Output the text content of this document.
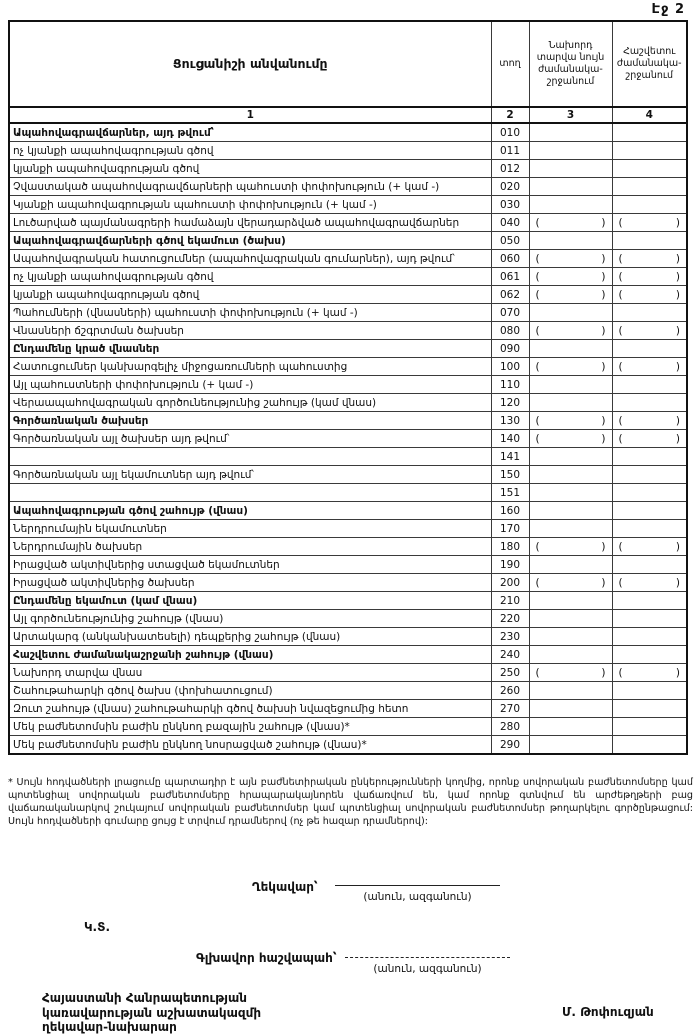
Էջ 2
Ցուցանիշի անվանումը	տող	Նախորդ տարվա նույն ժամանակա-շրջանում	Հաշվետու ժամանակա-շրջանում
1	2	3	4
Ապահովագրավճարներ, այդ թվում՝	010		
ոչ կյանքի ապահովագրության գծով	011		
կյանքի ապահովագրության գծով	012		
Չվաստակած ապահովագրավճարների պահուստի փոփոխություն (+ կամ -)	020		
Կյանքի ապահովագրության պահուստի փոփոխություն (+ կամ -)	030		
Լուծարված պայմանագրերի համաձայն վերադարձված ապահովագրավճարներ	040	( )	( )

Ապահովագրավճարների գծով եկամուտ (ծախս)	050		
Ապահովագրական հատուցումներ (ապահովագրական գումարներ), այդ թվում՝	060	( )	( )

ոչ կյանքի ապահովագրության գծով	061	( )	( )

կյանքի ապահովագրության գծով	062	( )	( )

Պահումների (վնասների) պահուստի փոփոխություն (+ կամ -)	070		
Վնասների ճշգրտման ծախսեր	080	( )	( )

Ընդամենը կրած վնասներ	090		
Հատուցումներ կանխարգելիչ միջոցառումների պահուստից	100	( )	( )

Այլ պահուստների փոփոխություն (+ կամ -)	110		
Վերաապահովագրական գործունեությունից շահույթ (կամ վնաս)	120		
Գործառնական ծախսեր	130	( )	( )

Գործառնական այլ ծախսեր այդ թվում՝	140	( )	( )

	141		
Գործառնական այլ եկամուտներ այդ թվում՝	150		
	151		
Ապահովագրության գծով շահույթ (վնաս)	160		
Ներդրումային եկամուտներ	170		
Ներդրումային ծախսեր	180	( )	( )

Իրացված ակտիվներից ստացված եկամուտներ	190		
Իրացված ակտիվներից ծախսեր	200	( )	( )

Ընդամենը եկամուտ (կամ վնաս)	210		
Այլ գործունեությունից շահույթ (վնաս)	220		
Արտակարգ (անկանխատեսելի) դեպքերից շահույթ (վնաս)	230		
Հաշվետու ժամանակաշրջանի շահույթ (վնաս)	240		
Նախորդ տարվա վնաս	250	( )	( )

Շահութահարկի գծով ծախս (փոխհատուցում)	260		
Զուտ շահույթ (վնաս) շահութահարկի գծով ծախսի նվազեցումից հետո	270		
Մեկ բաժնետոմսին բաժին ընկնող բազային շահույթ (վնաս)*	280		
Մեկ բաժնետոմսին բաժին ընկնող նոսրացված շահույթ (վնաս)*	290		
* Սույն հոդվածների լրացումը պարտադիր է այն բաժնետիրական ընկերությունների կողմից, որոնք սովորական բաժնետոմսերը կամ պոտենցիալ սովորական բաժնետոմսերը հրապարակայնորեն վաճառվում են, կամ որոնք գտնվում են արժեթղթերի բաց վաճառականարկով շուկայում սովորական բաժնետոմսեր կամ պոտենցիալ սովորական բաժնետոմսեր թողարկելու գործընթացում: Սույն հոդվածների գումարը ցույց է տրվում դրամներով (ոչ թե հազար դրամներով):
Ղեկավար՝
(անուն, ազգանուն)
Կ.Տ.
Գլխավոր հաշվապահ՝
(անուն, ազգանուն)
Հայաստանի Հանրապետության
կառավարության աշխատակազմի
ղեկավար-նախարար
Մ. Թոփուզյան
